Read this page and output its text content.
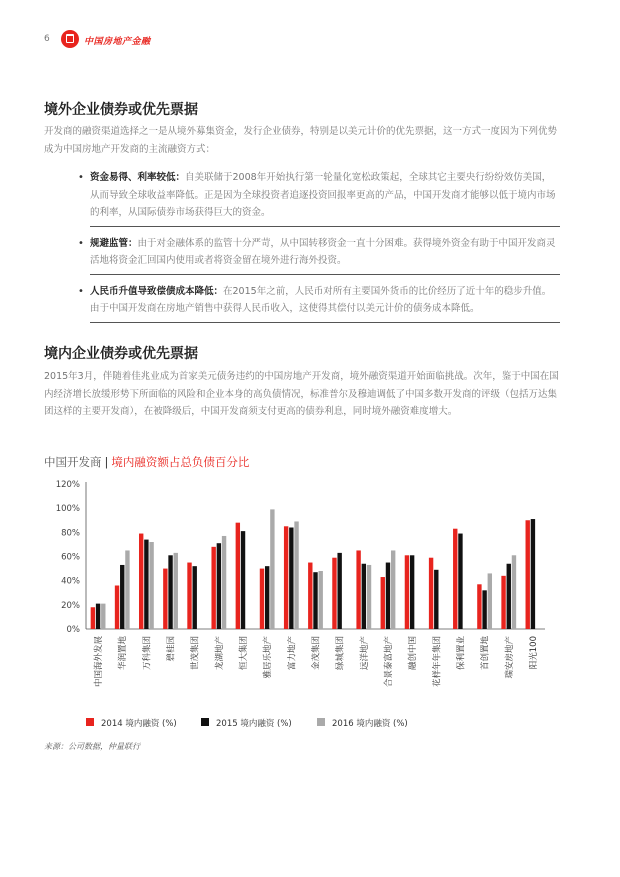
6	中国房地产金融
境外企业债券或优先票据
开发商的融资渠道选择之一是从境外募集资金，发行企业债券，特别是以美元计价的优先票据，这一方式一度因为下列优势成为中国房地产开发商的主流融资方式：
• 资金易得、利率较低：自美联储于2008年开始执行第一轮量化宽松政策起，全球其它主要央行纷纷效仿美国，从而导致全球收益率降低。正是因为全球投资者追逐投资回报率更高的产品，中国开发商才能够以低于境内市场的利率，从国际债券市场获得巨大的资金。
• 规避监管：由于对金融体系的监管十分严苛，从中国转移资金一直十分困难。获得境外资金有助于中国开发商灵活地将资金汇回国内使用或者将资金留在境外进行海外投资。
• 人民币升值导致偿债成本降低：在2015年之前，人民币对所有主要国外货币的比价经历了近十年的稳步升值。由于中国开发商在房地产销售中获得人民币收入，这使得其偿付以美元计价的债务成本降低。
境内企业债券或优先票据
2015年3月，伴随着佳兆业成为首家美元债务违约的中国房地产开发商，境外融资渠道开始面临挑战。次年，鉴于中国在国内经济增长放缓形势下所面临的风险和企业本身的高负债情况，标准普尔及穆迪调低了中国多数开发商的评级（包括万达集团这样的主要开发商），在被降级后，中国开发商须支付更高的债券利息，同时境外融资难度增大。
中国开发商 | 境内融资额占总负债百分比
0%
20%
40%
60%
80%
100%
120%
中国海外发展 华润置地 万科集团 碧桂园 世茂集团 龙湖地产 恒大集团 雅居乐地产 富力地产 金茂集团 绿城集团 远洋地产 合景泰富地产 融创中国 花样年年集团 保利置业 首创置地 瑞安房地产 阳光100
2014 境内融资 (%)	2015 境内融资 (%)	2016 境内融资 (%)
来源：公司数据，仲量联行
